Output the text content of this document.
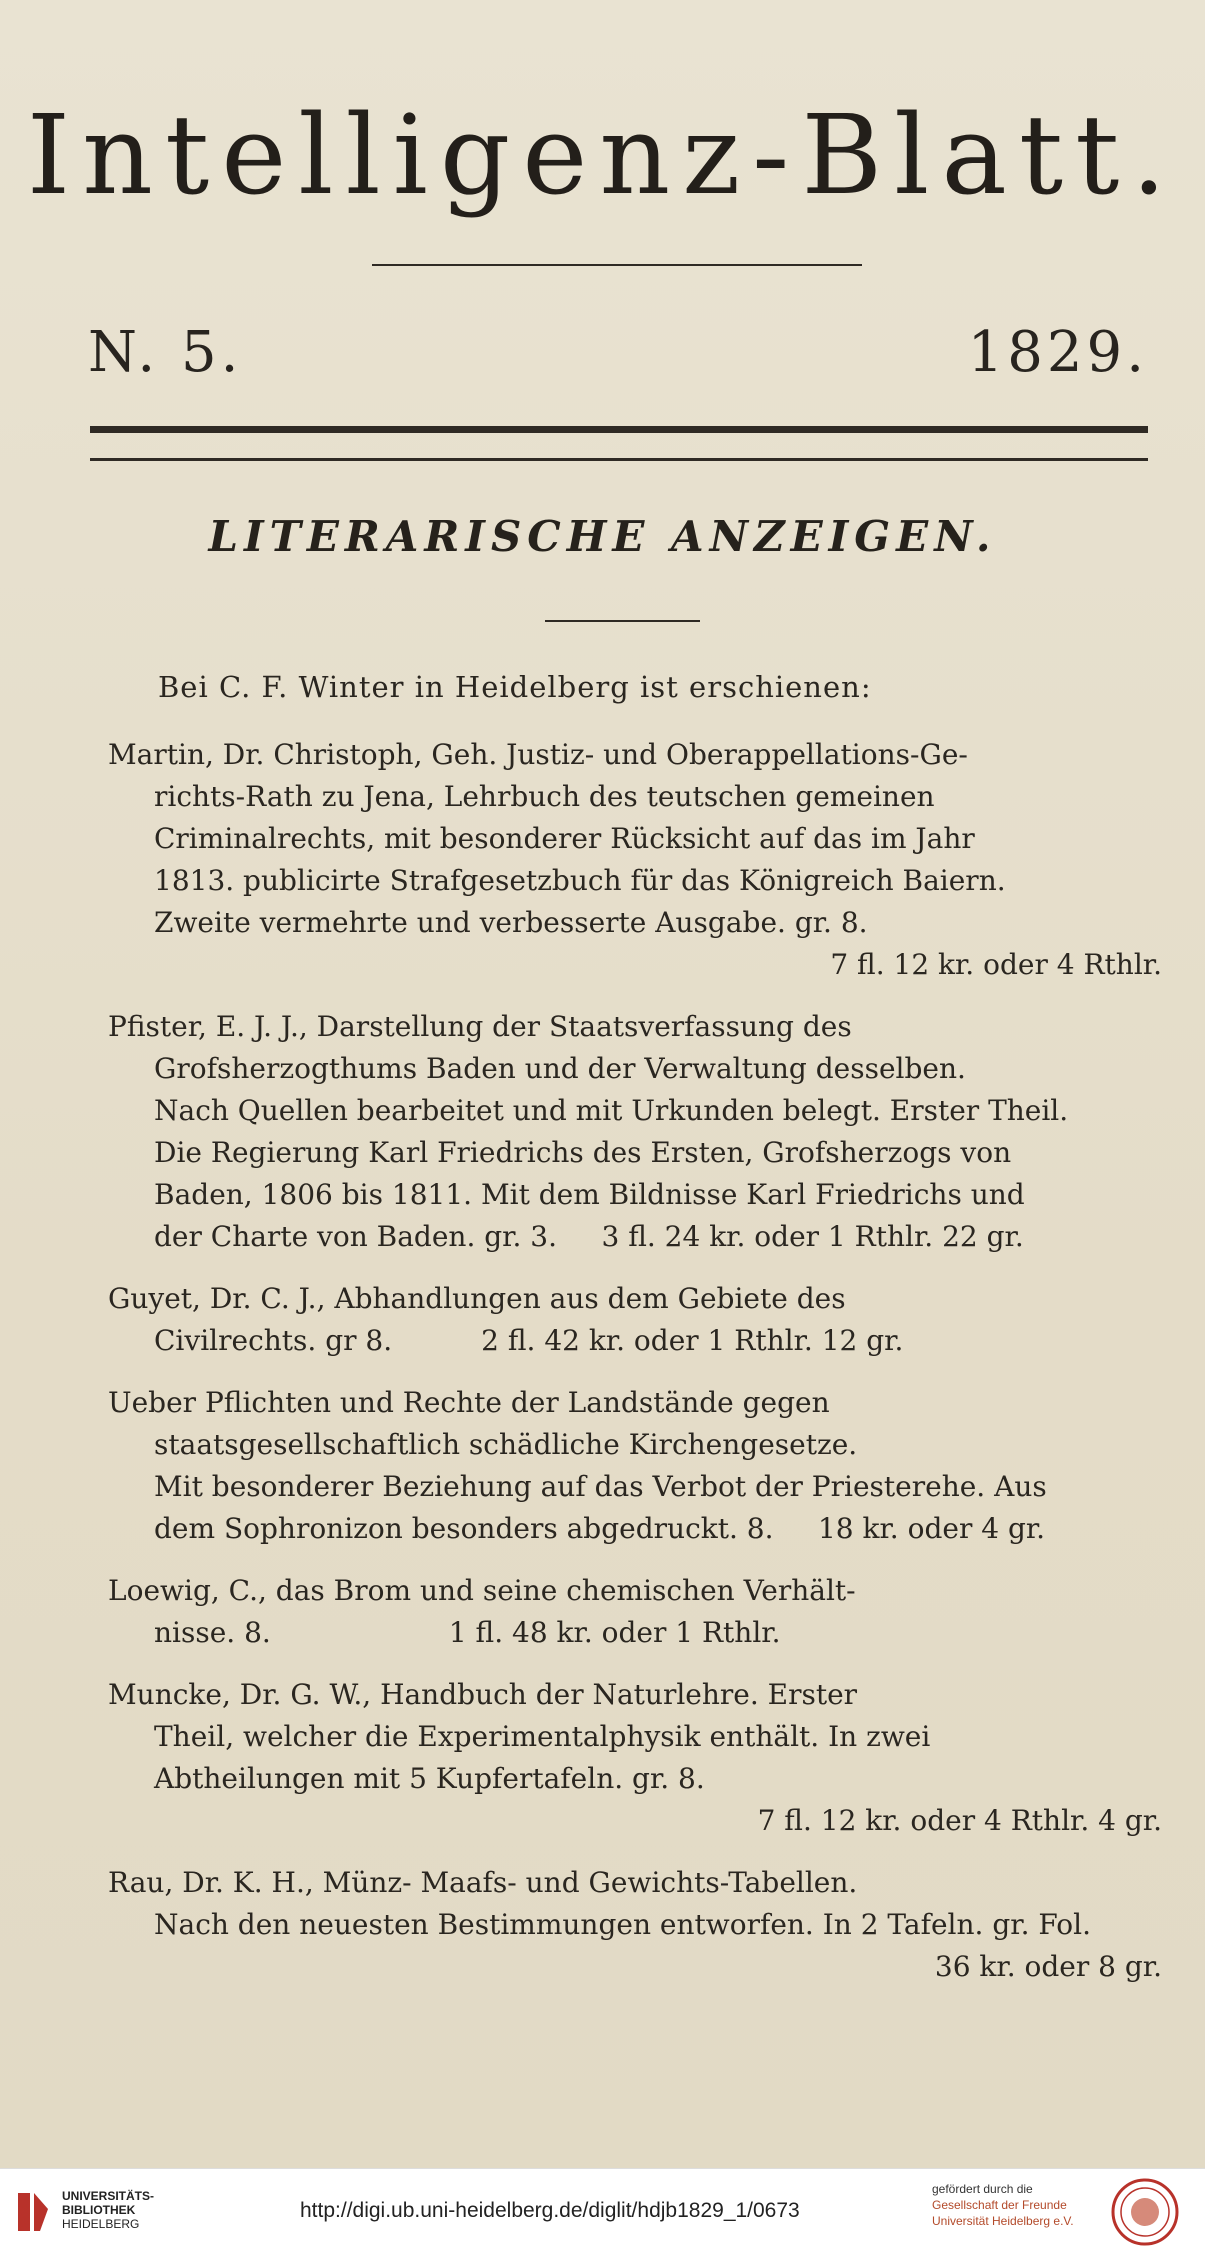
Intelligenz-Blatt.
N. 5.	1829.
LITERARISCHE ANZEIGEN.
Bei C. F. Winter in Heidelberg ist erschienen:
Martin, Dr. Christoph, Geh. Justiz- und Oberappellations-Ge-
richts-Rath zu Jena, Lehrbuch des teutschen gemeinen
Criminalrechts, mit besonderer Rücksicht auf das im Jahr
1813. publicirte Strafgesetzbuch für das Königreich Baiern.
Zweite vermehrte und verbesserte Ausgabe. gr. 8.
7 fl. 12 kr. oder 4 Rthlr.
Pfister, E. J. J., Darstellung der Staatsverfassung des
Grofsherzogthums Baden und der Verwaltung desselben.
Nach Quellen bearbeitet und mit Urkunden belegt. Erster Theil.
Die Regierung Karl Friedrichs des Ersten, Grofsherzogs von
Baden, 1806 bis 1811. Mit dem Bildnisse Karl Friedrichs und
der Charte von Baden. gr. 3.     3 fl. 24 kr. oder 1 Rthlr. 22 gr.
Guyet, Dr. C. J., Abhandlungen aus dem Gebiete des
Civilrechts. gr 8.          2 fl. 42 kr. oder 1 Rthlr. 12 gr.
Ueber Pflichten und Rechte der Landstände gegen
staatsgesellschaftlich schädliche Kirchengesetze.
Mit besonderer Beziehung auf das Verbot der Priesterehe. Aus
dem Sophronizon besonders abgedruckt. 8.     18 kr. oder 4 gr.
Loewig, C., das Brom und seine chemischen Verhält-
nisse. 8.                    1 fl. 48 kr. oder 1 Rthlr.
Muncke, Dr. G. W., Handbuch der Naturlehre. Erster
Theil, welcher die Experimentalphysik enthält. In zwei
Abtheilungen mit 5 Kupfertafeln. gr. 8.
7 fl. 12 kr. oder 4 Rthlr. 4 gr.
Rau, Dr. K. H., Münz- Maafs- und Gewichts-Tabellen.
Nach den neuesten Bestimmungen entworfen. In 2 Tafeln. gr. Fol.
36 kr. oder 8 gr.
UNIVERSITÄTS-
BIBLIOTHEK
HEIDELBERG
http://digi.ub.uni-heidelberg.de/diglit/hdjb1829_1/0673
gefördert durch die
Gesellschaft der Freunde
Universität Heidelberg e.V.
